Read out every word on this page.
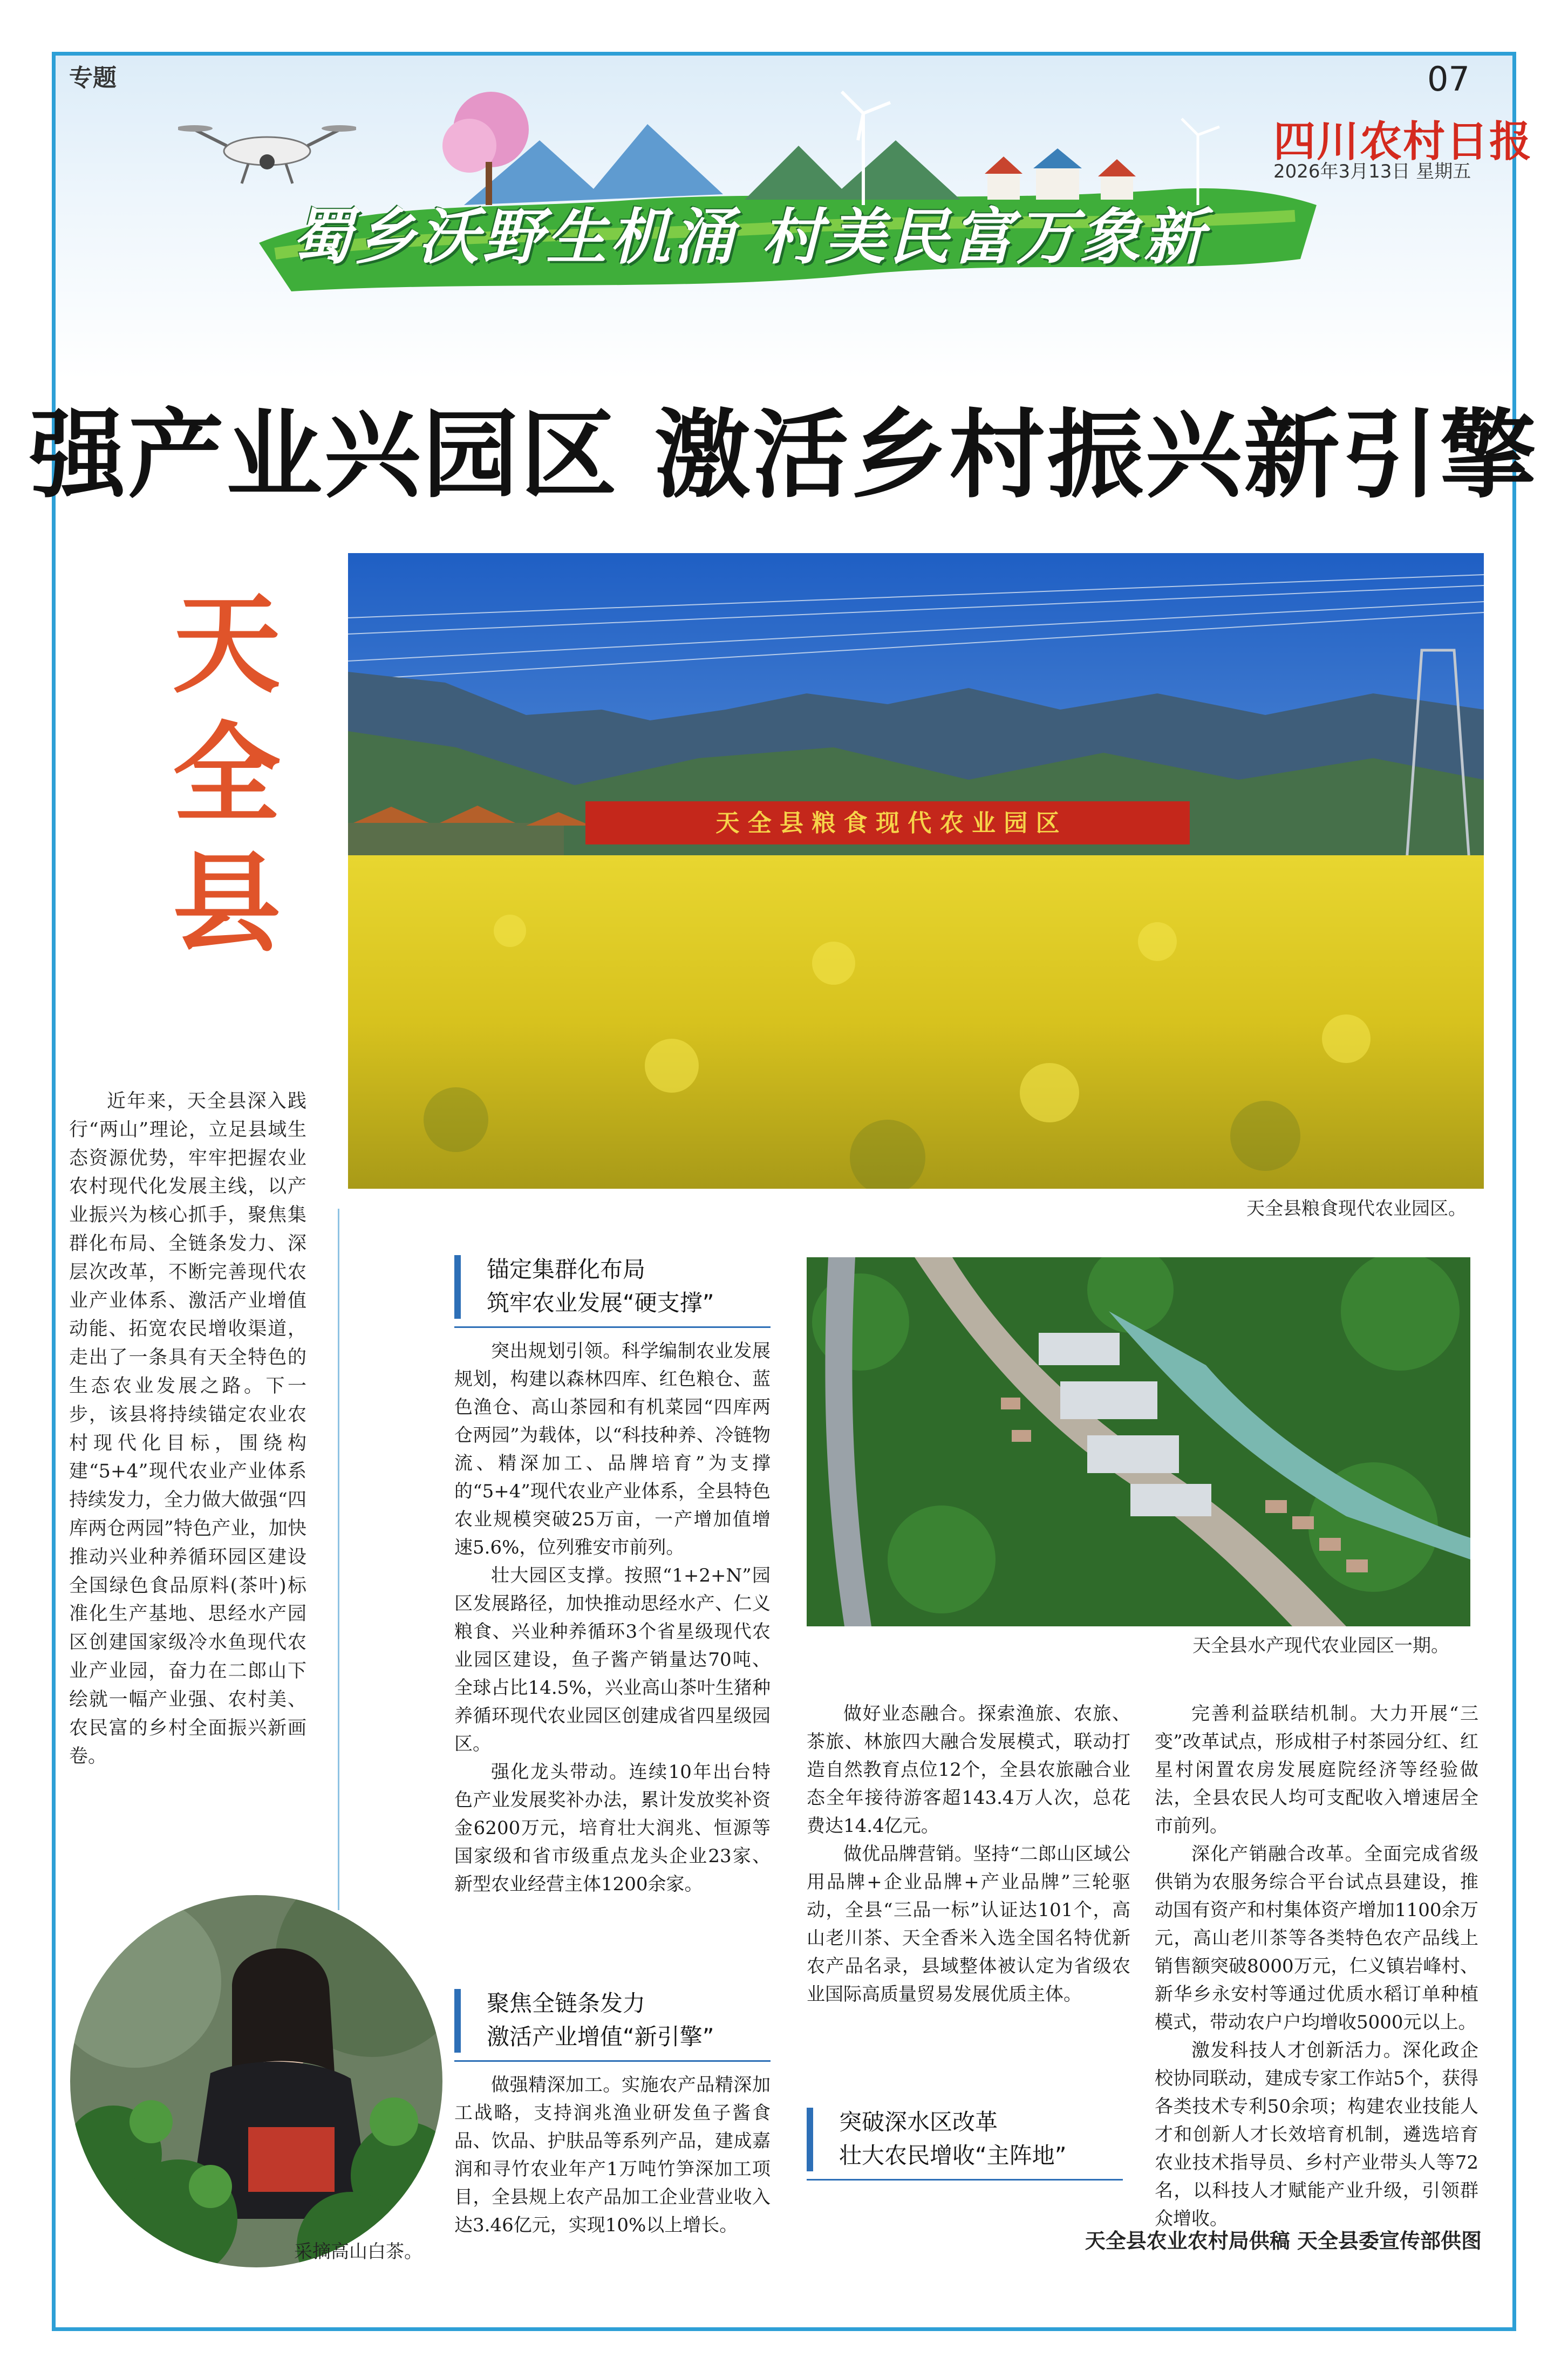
专题	07
四川农村日报
2026年3月13日 星期五
蜀乡沃野生机涌 村美民富万象新
强产业兴园区 激活乡村振兴新引擎
天
全
县
天 全 县 粮 食 现 代 农 业 园 区
天全县粮食现代农业园区。
天全县水产现代农业园区一期。
采摘高山白茶。

近年来，天全县深入践行“两山”理论，立足县域生态资源优势，牢牢把握农业农村现代化发展主线，以产业振兴为核心抓手，聚焦集群化布局、全链条发力、深层次改革，不断完善现代农业产业体系、激活产业增值动能、拓宽农民增收渠道，走出了一条具有天全特色的生态农业发展之路。下一步，该县将持续锚定农业农村现代化目标，围绕构建“5+4”现代农业产业体系持续发力，全力做大做强“四库两仓两园”特色产业，加快推动兴业种养循环园区建设全国绿色食品原料(茶叶)标准化生产基地、思经水产园区创建国家级冷水鱼现代农业产业园，奋力在二郎山下绘就一幅产业强、农村美、农民富的乡村全面振兴新画卷。

锚定集群化布局
筑牢农业发展“硬支撑”

突出规划引领。科学编制农业发展规划，构建以森林四库、红色粮仓、蓝色渔仓、高山茶园和有机菜园“四库两仓两园”为载体，以“科技种养、冷链物流、精深加工、品牌培育”为支撑的“5+4”现代农业产业体系，全县特色农业规模突破25万亩，一产增加值增速5.6%，位列雅安市前列。

壮大园区支撑。按照“1+2+N”园区发展路径，加快推动思经水产、仁义粮食、兴业种养循环3个省星级现代农业园区建设，鱼子酱产销量达70吨、全球占比14.5%，兴业高山茶叶生猪种养循环现代农业园区创建成省四星级园区。

强化龙头带动。连续10年出台特色产业发展奖补办法，累计发放奖补资金6200万元，培育壮大润兆、恒源等国家级和省市级重点龙头企业23家、新型农业经营主体1200余家。

聚焦全链条发力
激活产业增值“新引擎”

做强精深加工。实施农产品精深加工战略，支持润兆渔业研发鱼子酱食品、饮品、护肤品等系列产品，建成嘉润和寻竹农业年产1万吨竹笋深加工项目，全县规上农产品加工企业营业收入达3.46亿元，实现10%以上增长。

做好业态融合。探索渔旅、农旅、茶旅、林旅四大融合发展模式，联动打造自然教育点位12个，全县农旅融合业态全年接待游客超143.4万人次，总花费达14.4亿元。

做优品牌营销。坚持“二郎山区域公用品牌+企业品牌+产业品牌”三轮驱动，全县“三品一标”认证达101个，高山老川茶、天全香米入选全国名特优新农产品名录，县域整体被认定为省级农业国际高质量贸易发展优质主体。

突破深水区改革
壮大农民增收“主阵地”

完善利益联结机制。大力开展“三变”改革试点，形成柑子村茶园分红、红星村闲置农房发展庭院经济等经验做法，全县农民人均可支配收入增速居全市前列。

深化产销融合改革。全面完成省级供销为农服务综合平台试点县建设，推动国有资产和村集体资产增加1100余万元，高山老川茶等各类特色农产品线上销售额突破8000万元，仁义镇岩峰村、新华乡永安村等通过优质水稻订单种植模式，带动农户户均增收5000元以上。

激发科技人才创新活力。深化政企校协同联动，建成专家工作站5个，获得各类技术专利50余项；构建农业技能人才和创新人才长效培育机制，遴选培育农业技术指导员、乡村产业带头人等72名，以科技人才赋能产业升级，引领群众增收。

天全县农业农村局供稿 天全县委宣传部供图
